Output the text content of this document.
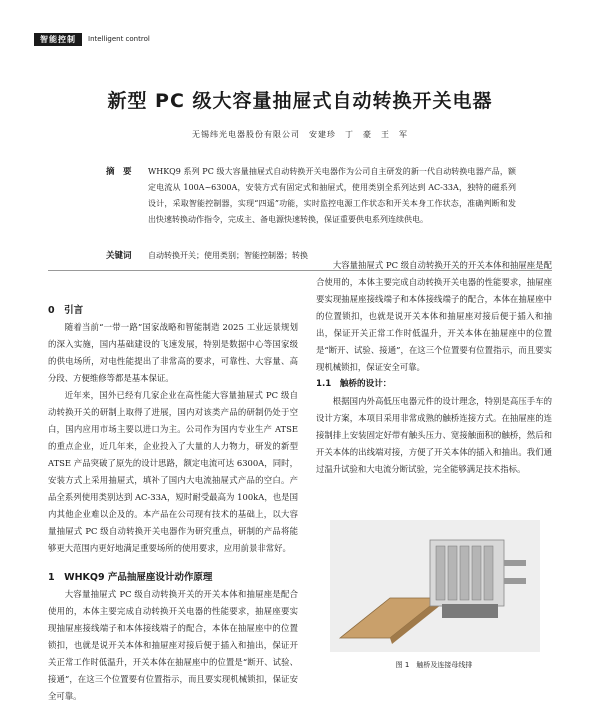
智能控制	Intelligent control
新型 PC 级大容量抽屉式自动转换开关电器
无锡纬光电器股份有限公司　安建珍　丁　豪　王　军
摘　要 WHKQ9 系列 PC 级大容量抽屉式自动转换开关电器作为公司自主研发的新一代自动转换电器产品，额定电流从 100A~6300A，安装方式有固定式和抽屉式，使用类别全系列达到 AC-33A，独特的磁系列设计，采取智能控制器，实现“四遥”功能，实时监控电源工作状态和开关本身工作状态，准确判断和发出快速转换动作指令，完成主、备电源快速转换，保证重要供电系列连续供电。
关键词 自动转换开关；使用类别；智能控制器；转换

0　引言

随着当前“一带一路”国家战略和智能制造 2025 工业远景规划的深入实施，国内基础建设的飞速发展，特别是数据中心等国家级的供电场所，对电性能提出了非常高的要求，可靠性、大容量、高分段、方便维修等都是基本保证。

近年来，国外已经有几家企业在高性能大容量抽屉式 PC 级自动转换开关的研制上取得了进展，国内对该类产品的研制仍处于空白，国内应用市场主要以进口为主。公司作为国内专业生产 ATSE 的重点企业，近几年来，企业投入了大量的人力物力，研发的新型 ATSE 产品突破了原先的设计思路，额定电流可达 6300A，同时，安装方式上采用抽屉式，填补了国内大电流抽屉式产品的空白。产品全系列使用类别达到 AC-33A，短时耐受最高为 100kA，也是国内其他企业难以企及的。本产品在公司现有技术的基础上，以大容量抽屉式 PC 级自动转换开关电器作为研究重点，研制的产品将能够更大范围内更好地满足重要场所的使用要求，应用前景非常好。

1　WHKQ9 产品抽屉座设计动作原理

大容量抽屉式 PC 级自动转换开关的开关本体和抽屉座是配合使用的，本体主要完成自动转换开关电器的性能要求，抽屉座要实现抽屉座接线端子和本体接线端子的配合，本体在抽屉座中的位置锁扣，也就是说开关本体和抽屉座对接后便于插入和抽出，保证开关正常工作时低温升，开关本体在抽屉座中的位置是“断开、试验、接通”，在这三个位置要有位置指示，而且要实现机械锁扣，保证安全可靠。

　　大容量抽屉式 PC 级自动转换开关的开关本体和抽屉座是配合使用的，本体主要完成自动转换开关电器的性能要求，抽屉座要实现抽屉座接线端子和本体接线端子的配合，本体在抽屉座中的位置锁扣，也就是说开关本体和抽屉座对接后便于插入和抽出，保证开关正常工作时低温升，开关本体在抽屉座中的位置是“断开、试验、接通”，在这三个位置要有位置指示，而且要实现机械锁扣，保证安全可靠。

1.1　触桥的设计：

根据国内外高低压电器元件的设计理念，特别是高压手车的设计方案，本项目采用非常成熟的触桥连接方式。在抽屉座的连接制排上安装固定好带有触头压力、宽接触面积的触桥，然后和开关本体的出线端对接，方便了开关本体的插入和抽出。我们通过温升试验和大电流分断试验，完全能够满足技术指标。

图 1　触桥及连接母线排
